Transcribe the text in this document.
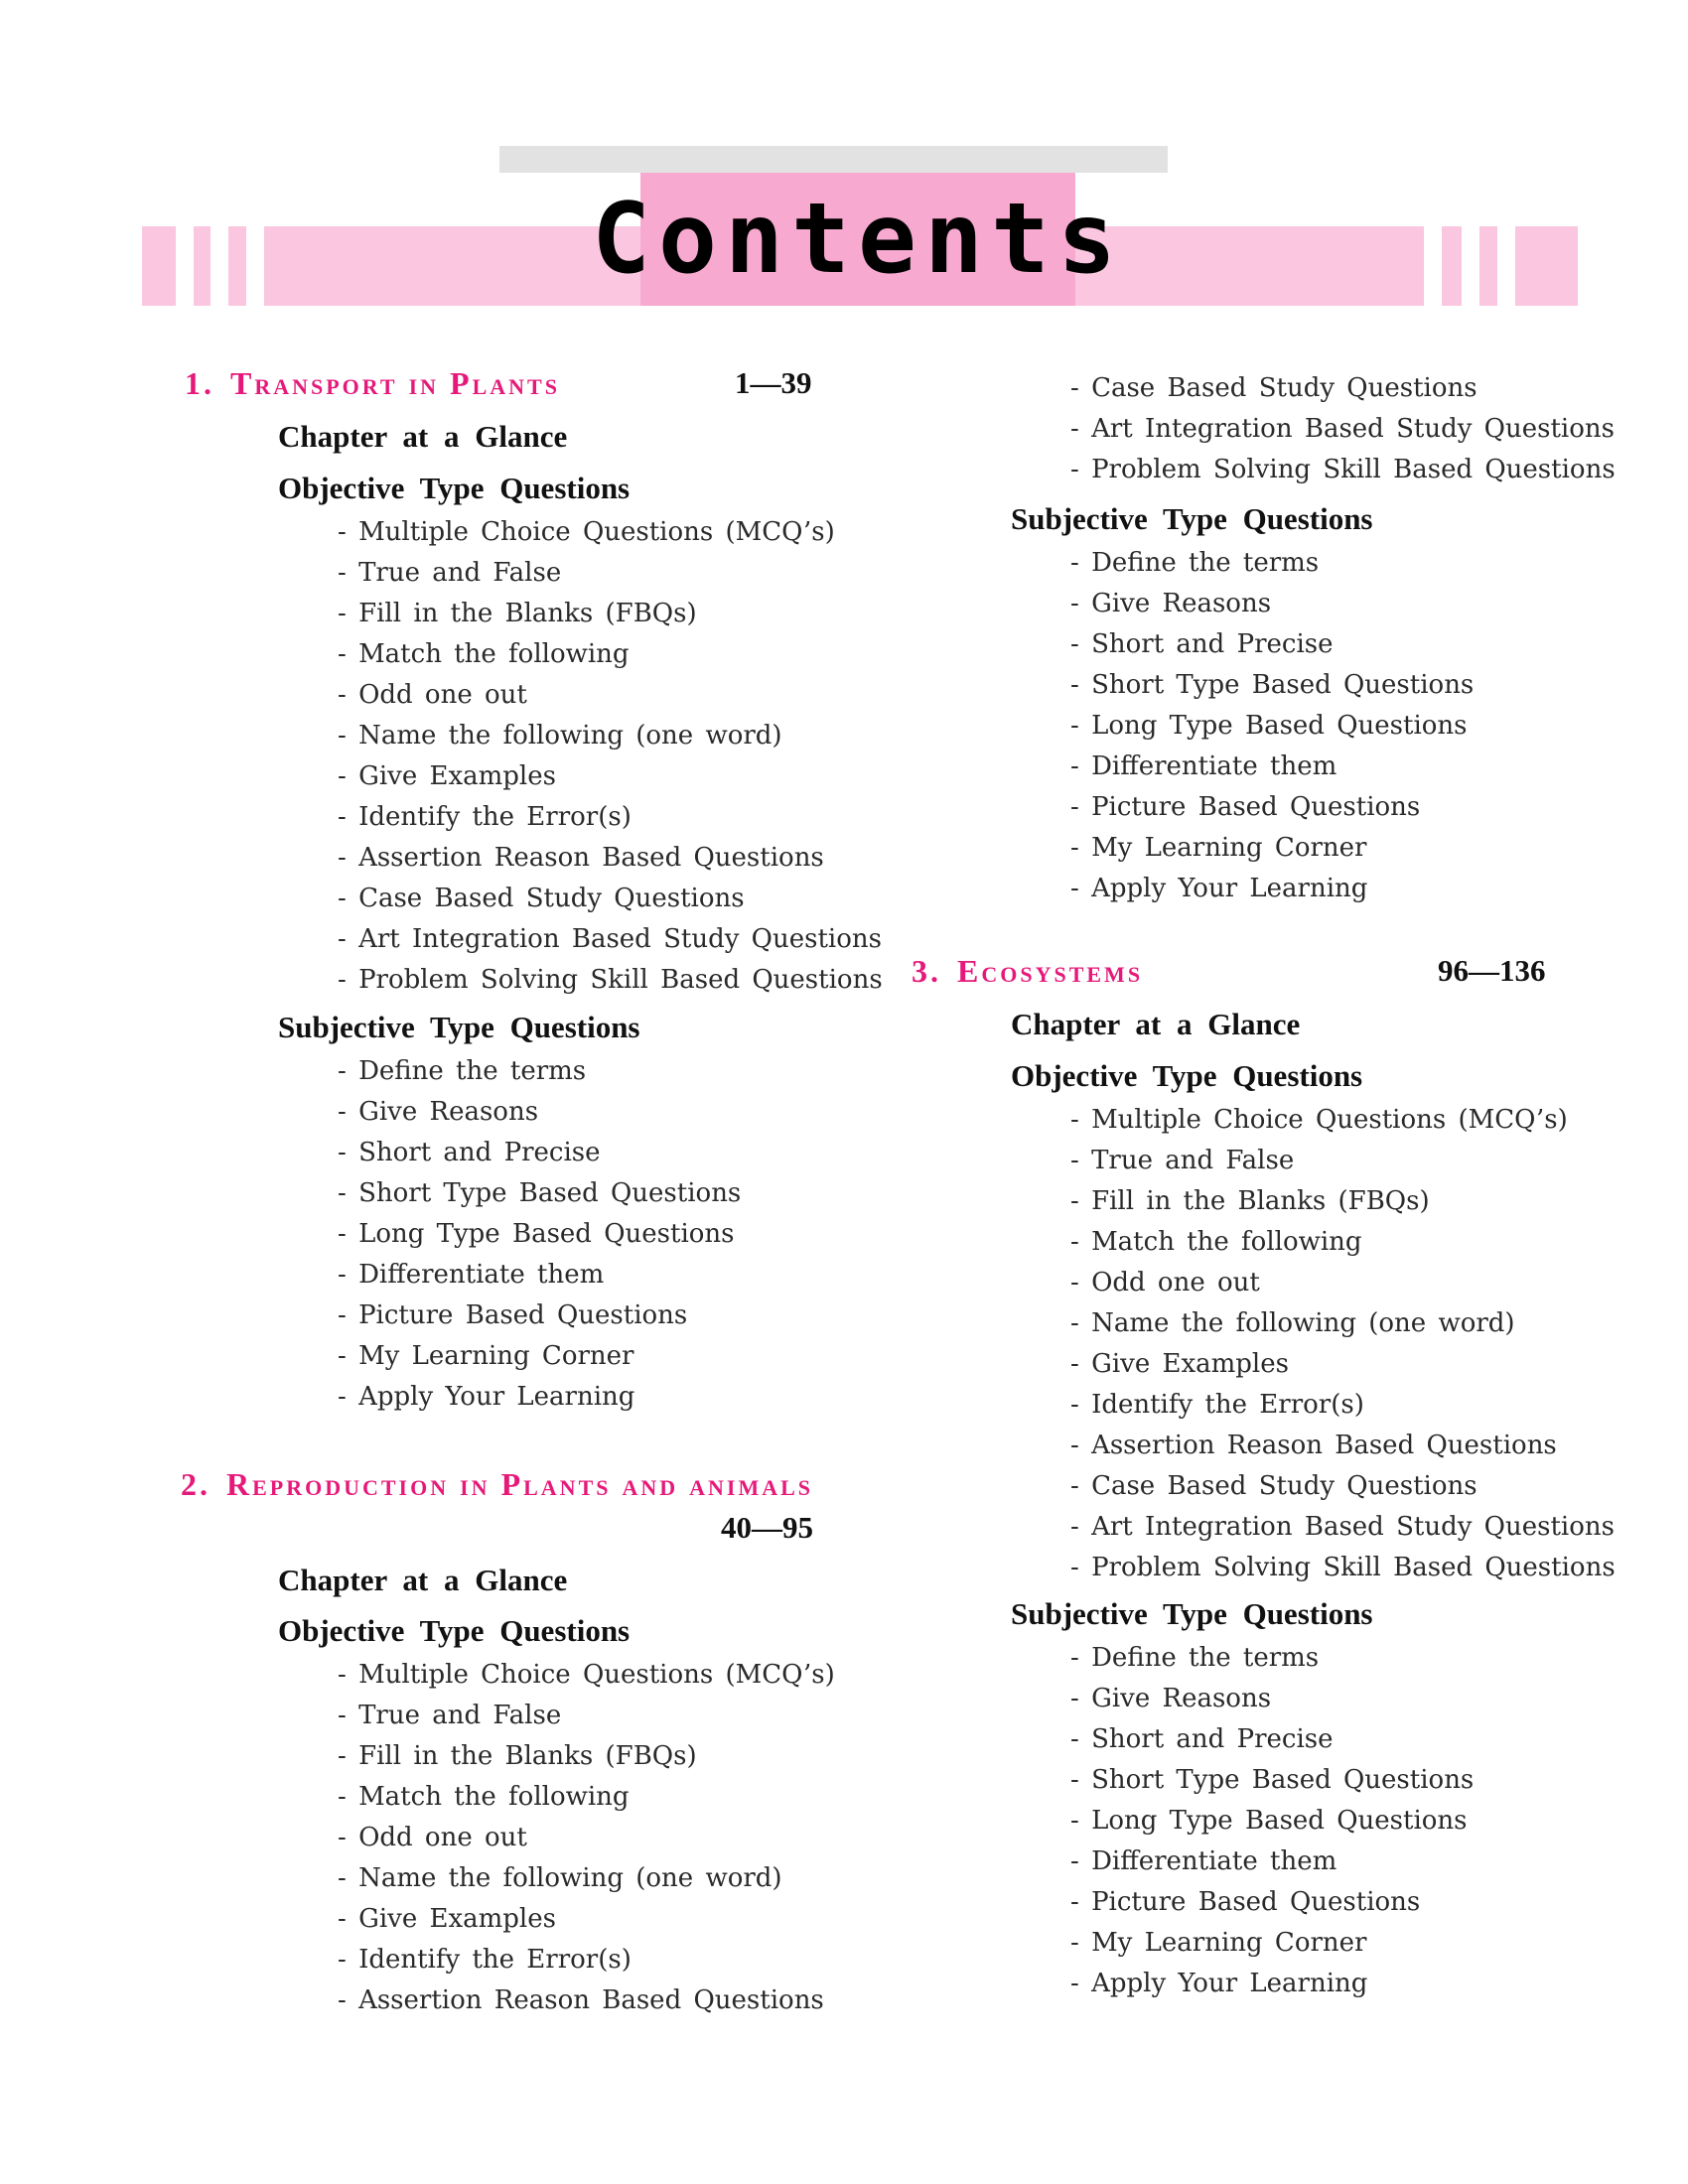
Contents
1. Transport in Plants	1—39
Chapter at a Glance
Objective Type Questions
- Multiple Choice Questions (MCQ’s)
- True and False
- Fill in the Blanks (FBQs)
- Match the following
- Odd one out
- Name the following (one word)
- Give Examples
- Identify the Error(s)
- Assertion Reason Based Questions
- Case Based Study Questions
- Art Integration Based Study Questions
- Problem Solving Skill Based Questions
Subjective Type Questions
- Define the terms
- Give Reasons
- Short and Precise
- Short Type Based Questions
- Long Type Based Questions
- Differentiate them
- Picture Based Questions
- My Learning Corner
- Apply Your Learning
2. Reproduction in Plants and animals
40—95
Chapter at a Glance
Objective Type Questions
- Multiple Choice Questions (MCQ’s)
- True and False
- Fill in the Blanks (FBQs)
- Match the following
- Odd one out
- Name the following (one word)
- Give Examples
- Identify the Error(s)
- Assertion Reason Based Questions
- Case Based Study Questions
- Art Integration Based Study Questions
- Problem Solving Skill Based Questions
Subjective Type Questions
- Define the terms
- Give Reasons
- Short and Precise
- Short Type Based Questions
- Long Type Based Questions
- Differentiate them
- Picture Based Questions
- My Learning Corner
- Apply Your Learning
3. Ecosystems	96—136
Chapter at a Glance
Objective Type Questions
- Multiple Choice Questions (MCQ’s)
- True and False
- Fill in the Blanks (FBQs)
- Match the following
- Odd one out
- Name the following (one word)
- Give Examples
- Identify the Error(s)
- Assertion Reason Based Questions
- Case Based Study Questions
- Art Integration Based Study Questions
- Problem Solving Skill Based Questions
Subjective Type Questions
- Define the terms
- Give Reasons
- Short and Precise
- Short Type Based Questions
- Long Type Based Questions
- Differentiate them
- Picture Based Questions
- My Learning Corner
- Apply Your Learning
